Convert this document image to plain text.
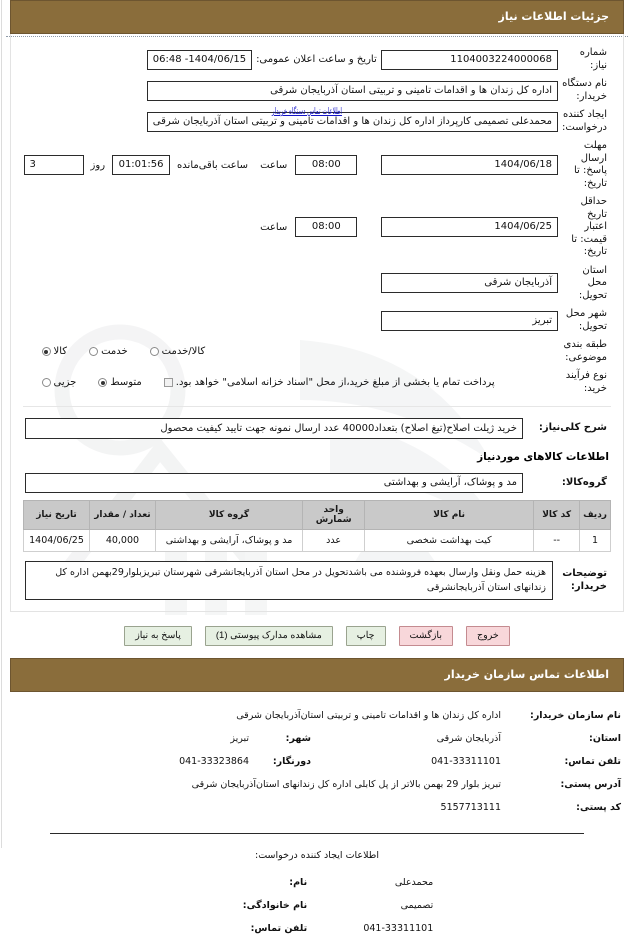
جزئیات اطلاعات نیاز
شماره نیاز:	1104003224000068	تاریخ و ساعت اعلان عمومی:	1404/06/15- 06:48	

نام دستگاه خریدار:	اداره کل زندان ها و اقدامات تامینی و تربیتی استان آذربایجان شرقی			

ایجاد کننده درخواست:	محمدعلی تصمیمی کارپرداز اداره کل زندان ها و اقدامات تامینی و تربیتی استان آذربایجان شرقی
اطلاعات تماس دستگاه خریدار			

مهلت ارسال پاسخ: تا تاریخ:	
1404/06/18

ساعت	08:00

3	روز	01:01:56	ساعت باقی‌مانده

حداقل تاریخ اعتبار قیمت: تا تاریخ:	1404/06/25	ساعت 08:00		

استان محل تحویل:	آذربایجان شرقی			

شهر محل تحویل:	تبریز			

طبقه بندی موضوعی:	کالا خدمت کالا/خدمت			

نوع فرآیند خرید:	جزیی متوسط پرداخت تمام یا بخشی از مبلغ خرید،از محل "اسناد خزانه اسلامی" خواهد بود.			
شرح کلی‌نیاز:	
خرید ژیلت اصلاح(تیغ اصلاح) بتعداد40000 عدد ارسال نمونه جهت تایید کیفیت محصول
اطلاعات کالاهای موردنیاز
گروه‌کالا:	
مد و پوشاک، آرایشی و بهداشتی
ردیف	کد کالا	نام کالا	واحد شمارش	گروه کالا	تعداد / مقدار	تاریخ نیاز
1	--	کیت بهداشت شخصی	عدد	مد و پوشاک، آرایشی و بهداشتی	40,000	1404/06/25
توضیحات خریدار:	
هزینه حمل ونقل وارسال بعهده فروشنده می باشدتحویل در محل استان آذربایجانشرقی شهرستان تبریزبلوار29بهمن اداره کل زندانهای استان آذربایجانشرقی
پاسخ به نیاز	مشاهده مدارک پیوستی (1)	چاپ	بازگشت	خروج
اطلاعات تماس سازمان خریدار
نام سازمان خریدار:	اداره کل زندان ها و اقدامات تامینی و تربیتی استان‌آذربایجان شرقی		
استان:	آذربایجان شرقی	شهر:	تبریز
تلفن تماس:	041-33311101	دورنگار:	041-33323864
آدرس پستی:	تبریز بلوار 29 بهمن بالاتر از پل کابلی اداره کل زندانهای استان‌آذربایجان شرقی		
کد پستی:	5157713111		
اطلاعات ایجاد کننده درخواست:
	محمدعلی	نام:
	تصمیمی	نام خانوادگی:
	041-33311101	تلفن تماس:
